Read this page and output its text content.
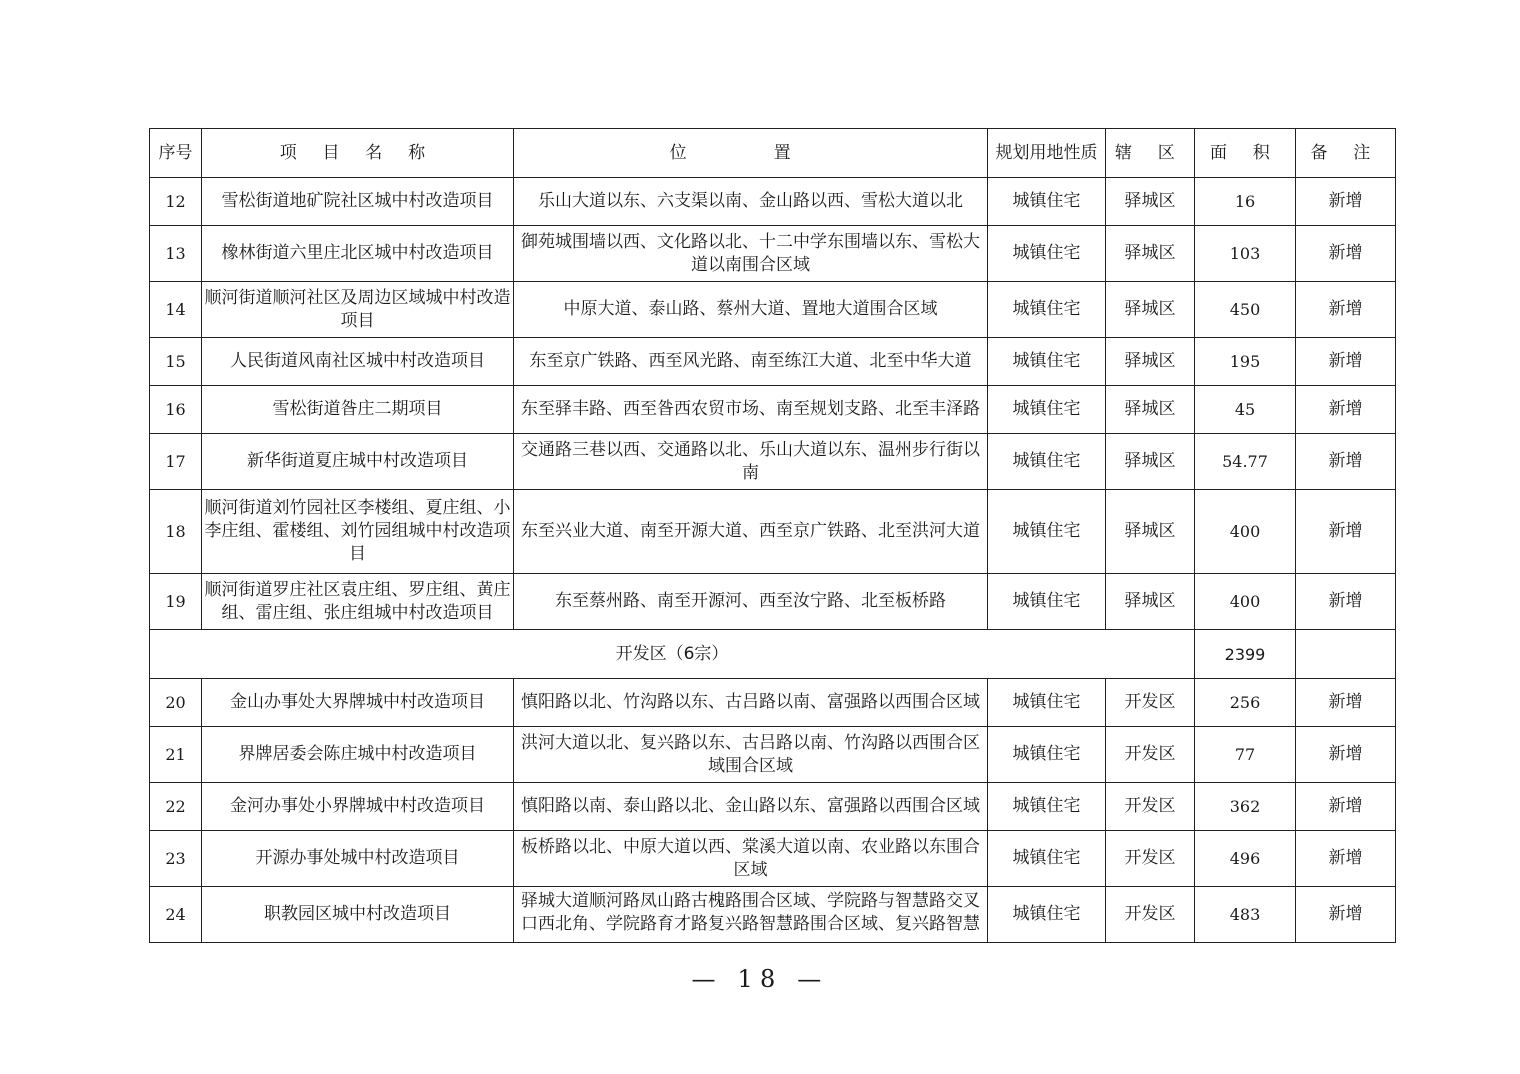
序号	项 目 名 称	位 置	规划用地性质	辖 区	面 积	备 注
12	雪松街道地矿院社区城中村改造项目	乐山大道以东、六支渠以南、金山路以西、雪松大道以北	城镇住宅	驿城区	16	新增
13	橡林街道六里庄北区城中村改造项目	御苑城围墙以西、文化路以北、十二中学东围墙以东、雪松大道以南围合区域	城镇住宅	驿城区	103	新增
14	顺河街道顺河社区及周边区域城中村改造项目	中原大道、泰山路、蔡州大道、置地大道围合区域	城镇住宅	驿城区	450	新增
15	人民街道风南社区城中村改造项目	东至京广铁路、西至风光路、南至练江大道、北至中华大道	城镇住宅	驿城区	195	新增
16	雪松街道昝庄二期项目	东至驿丰路、西至昝西农贸市场、南至规划支路、北至丰泽路	城镇住宅	驿城区	45	新增
17	新华街道夏庄城中村改造项目	交通路三巷以西、交通路以北、乐山大道以东、温州步行街以南	城镇住宅	驿城区	54.77	新增
18	顺河街道刘竹园社区李楼组、夏庄组、小李庄组、霍楼组、刘竹园组城中村改造项目	东至兴业大道、南至开源大道、西至京广铁路、北至洪河大道	城镇住宅	驿城区	400	新增
19	顺河街道罗庄社区袁庄组、罗庄组、黄庄组、雷庄组、张庄组城中村改造项目	东至蔡州路、南至开源河、西至汝宁路、北至板桥路	城镇住宅	驿城区	400	新增
开发区（6宗）					2399	
20	金山办事处大界牌城中村改造项目	慎阳路以北、竹沟路以东、古吕路以南、富强路以西围合区域	城镇住宅	开发区	256	新增
21	界牌居委会陈庄城中村改造项目	洪河大道以北、复兴路以东、古吕路以南、竹沟路以西围合区域围合区域	城镇住宅	开发区	77	新增
22	金河办事处小界牌城中村改造项目	慎阳路以南、泰山路以北、金山路以东、富强路以西围合区域	城镇住宅	开发区	362	新增
23	开源办事处城中村改造项目	板桥路以北、中原大道以西、棠溪大道以南、农业路以东围合区域	城镇住宅	开发区	496	新增
24	职教园区城中村改造项目	驿城大道顺河路凤山路古槐路围合区域、学院路与智慧路交叉口西北角、学院路育才路复兴路智慧路围合区域、复兴路智慧	城镇住宅	开发区	483	新增
— 18 —
